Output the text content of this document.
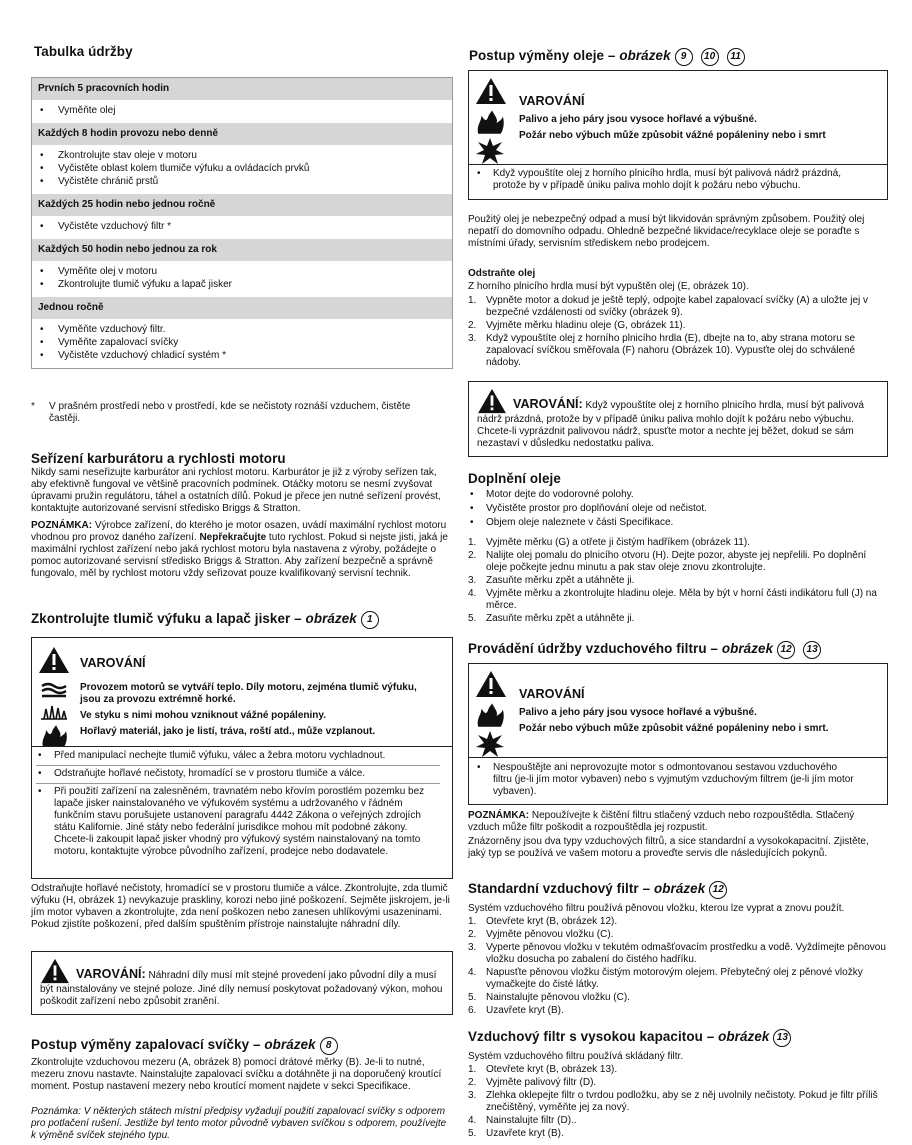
Tabulka údržby
Prvních 5 pracovních hodin
• Vyměňte olej
Každých 8 hodin provozu nebo denně
• Zkontrolujte stav oleje v motoru
• Vyčistěte oblast kolem tlumiče výfuku a ovládacích prvků
• Vyčistěte chránič prstů
Každých 25 hodin nebo jednou ročně
• Vyčistěte vzduchový filtr *
Každých 50 hodin nebo jednou za rok
• Vyměňte olej v motoru
• Zkontrolujte tlumič výfuku a lapač jisker
Jednou ročně
• Vyměňte vzduchový filtr.
• Vyměňte zapalovací svíčky
• Vyčistěte vzduchový chladicí systém *
*	V prašném prostředí nebo v prostředí, kde se nečistoty roznáší vzduchem, čistěte častěji.
Seřízení karburátoru a rychlosti motoru

Nikdy sami neseřizujte karburátor ani rychlost motoru. Karburátor je již z výroby seřízen tak, aby efektivně fungoval ve většině pracovních podmínek. Otáčky motoru se nesmí zvyšovat úpravami pružin regulátoru, táhel a ostatních dílů. Pokud je přece jen nutné seřízení provést, kontaktujte autorizované servisní středisko Briggs & Stratton.

POZNÁMKA: Výrobce zařízení, do kterého je motor osazen, uvádí maximální rychlost motoru vhodnou pro provoz daného zařízení. Nepřekračujte tuto rychlost. Pokud si nejste jisti, jaká je maximální rychlost zařízení nebo jaká rychlost motoru byla nastavena z výroby, požádejte o pomoc autorizované servisní středisko Briggs & Stratton. Aby zařízení bezpečně a správně fungovalo, měl by rychlost motoru vždy seřizovat pouze kvalifikovaný servisní technik.

Zkontrolujte tlumič výfuku a lapač jisker – obrázek 1
VAROVÁNÍ
Provozem motorů se vytváří teplo. Díly motoru, zejména tlumič výfuku, jsou za provozu extrémně horké.
Ve styku s nimi mohou vzniknout vážné popáleniny.
Hořlavý materiál, jako je listí, tráva, roští atd., může vzplanout.
• Před manipulací nechejte tlumič výfuku, válec a žebra motoru vychladnout.
• Odstraňujte hořlavé nečistoty, hromadící se v prostoru tlumiče a válce.
• Při použití zařízení na zalesněném, travnatém nebo křovím porostlém pozemku bez lapače jisker nainstalovaného ve výfukovém systému a udržovaného v řádném funkčním stavu porušujete ustanovení paragrafu 4442 Zákona o veřejných zdrojích státu Kalifornie. Jiné státy nebo federální jurisdikce mohou mít podobné zákony. Chcete-li zakoupit lapač jisker vhodný pro výfukový systém nainstalovaný na tomto motoru, kontaktujte výrobce původního zařízení, prodejce nebo dodavatele.

Odstraňujte hořlavé nečistoty, hromadící se v prostoru tlumiče a válce. Zkontrolujte, zda tlumič výfuku (H, obrázek 1) nevykazuje praskliny, korozi nebo jiné poškození. Sejměte jiskrojem, je-li jím motor vybaven a zkontrolujte, zda není poškozen nebo zanesen uhlíkovými usazeninami. Pokud zjistíte poškození, před dalším spuštěním přístroje nainstalujte náhradní díly.

VAROVÁNÍ: Náhradní díly musí mít stejné provedení jako původní díly a musí být nainstalovány ve stejné poloze. Jiné díly nemusí poskytovat požadovaný výkon, mohou poškodit zařízení nebo způsobit zranění.
Postup výměny zapalovací svíčky – obrázek 8

Zkontrolujte vzduchovou mezeru (A, obrázek 8) pomocí drátové měrky (B). Je-li to nutné, mezeru znovu nastavte. Nainstalujte zapalovací svíčku a dotáhněte ji na doporučený kroutící moment. Postup nastavení mezery nebo kroutící moment najdete v sekci Specifikace.

Poznámka: V některých státech místní předpisy vyžadují použití zapalovací svíčky s odporem pro potlačení rušení. Jestliže byl tento motor původně vybaven svíčkou s odporem, používejte k výměně svíček stejného typu.

Postup výměny oleje – obrázek 9 10 11
VAROVÁNÍ
Palivo a jeho páry jsou vysoce hořlavé a výbušné.
Požár nebo výbuch může způsobit vážné popáleniny nebo i smrt
• Když vypouštíte olej z horního plnicího hrdla, musí být palivová nádrž prázdná, protože by v případě úniku paliva mohlo dojít k požáru nebo výbuchu.

Použitý olej je nebezpečný odpad a musí být likvidován správným způsobem. Použitý olej nepatří do domovního odpadu. Ohledně bezpečné likvidace/recyklace oleje se poraďte s místními úřady, servisním střediskem nebo prodejcem.

Odstraňte olej

Z horního plnicího hrdla musí být vypuštěn olej (E, obrázek 10).

1. Vypněte motor a dokud je ještě teplý, odpojte kabel zapalovací svíčky (A) a uložte jej v bezpečné vzdálenosti od svíčky (obrázek 9).
2. Vyjměte měrku hladinu oleje (G, obrázek 11).
3. Když vypouštíte olej z horního plnicího hrdla (E), dbejte na to, aby strana motoru se zapalovací svíčkou směřovala (F) nahoru (Obrázek 10). Vypusťte olej do schválené nádoby.
VAROVÁNÍ: Když vypouštíte olej z horního plnicího hrdla, musí být palivová nádrž prázdná, protože by v případě úniku paliva mohlo dojít k požáru nebo výbuchu. Chcete-li vyprázdnit palivovou nádrž, spusťte motor a nechte jej běžet, dokud se sám nezastaví v důsledku nedostatku paliva.
Doplnění oleje
• Motor dejte do vodorovné polohy.
• Vyčistěte prostor pro doplňování oleje od nečistot.
• Objem oleje naleznete v části Specifikace.
1. Vyjměte měrku (G) a otřete ji čistým hadříkem (obrázek 11).
2. Nalijte olej pomalu do plnicího otvoru (H). Dejte pozor, abyste jej nepřelili. Po doplnění oleje počkejte jednu minutu a pak stav oleje znovu zkontrolujte.
3. Zasuňte měrku zpět a utáhněte ji.
4. Vyjměte měrku a zkontrolujte hladinu oleje. Měla by být v horní části indikátoru full (J) na měrce.
5. Zasuňte měrku zpět a utáhněte ji.
Provádění údržby vzduchového filtru – obrázek 12 13
VAROVÁNÍ
Palivo a jeho páry jsou vysoce hořlavé a výbušné.
Požár nebo výbuch může způsobit vážné popáleniny nebo i smrt.
• Nespouštějte ani neprovozujte motor s odmontovanou sestavou vzduchového filtru (je-li jím motor vybaven) nebo s vyjmutým vzduchovým filtrem (je-li jím motor vybaven).

POZNÁMKA: Nepoužívejte k čištění filtru stlačený vzduch nebo rozpouštědla. Stlačený vzduch může filtr poškodit a rozpouštědla jej rozpustit.

Znázorněny jsou dva typy vzduchových filtrů, a sice standardní a vysokokapacitní. Zjistěte, jaký typ se používá ve vašem motoru a proveďte servis dle následujících pokynů.

Standardní vzduchový filtr – obrázek 12

Systém vzduchového filtru používá pěnovou vložku, kterou lze vyprat a znovu použít.

1. Otevřete kryt (B, obrázek 12).
2. Vyjměte pěnovou vložku (C).
3. Vyperte pěnovou vložku v tekutém odmašťovacím prostředku a vodě. Vyždímejte pěnovou vložku dosucha po zabalení do čistého hadříku.
4. Napusťte pěnovou vložku čistým motorovým olejem. Přebytečný olej z pěnové vložky vymačkejte do čisté látky.
5. Nainstalujte pěnovou vložku (C).
6. Uzavřete kryt (B).
Vzduchový filtr s vysokou kapacitou – obrázek 13

Systém vzduchového filtru používá skládaný filtr.

1. Otevřete kryt (B, obrázek 13).
2. Vyjměte palivový filtr (D).
3. Zlehka oklepejte filtr o tvrdou podložku, aby se z něj uvolnily nečistoty. Pokud je filtr příliš znečištěný, vyměňte jej za nový.
4. Nainstalujte filtr (D)..
5. Uzavřete kryt (B).
